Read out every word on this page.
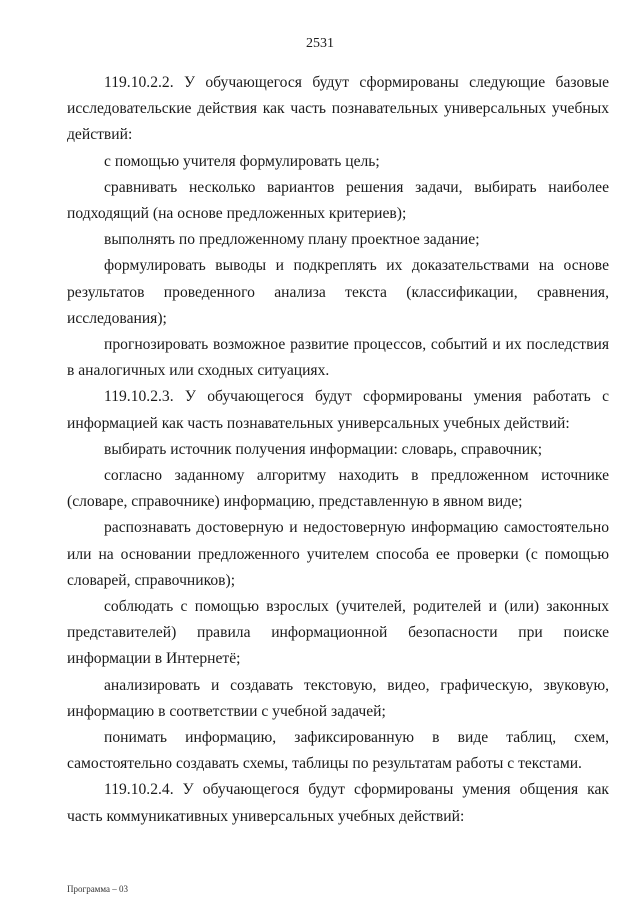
2531

119.10.2.2. У обучающегося будут сформированы следующие базовые исследовательские действия как часть познавательных универсальных учебных действий:

с помощью учителя формулировать цель;

сравнивать несколько вариантов решения задачи, выбирать наиболее подходящий (на основе предложенных критериев);

выполнять по предложенному плану проектное задание;

формулировать выводы и подкреплять их доказательствами на основе результатов проведенного анализа текста (классификации, сравнения, исследования);

прогнозировать возможное развитие процессов, событий и их последствия в аналогичных или сходных ситуациях.

119.10.2.3. У обучающегося будут сформированы умения работать с информацией как часть познавательных универсальных учебных действий:

выбирать источник получения информации: словарь, справочник;

согласно заданному алгоритму находить в предложенном источнике (словаре, справочнике) информацию, представленную в явном виде;

распознавать достоверную и недостоверную информацию самостоятельно или на основании предложенного учителем способа ее проверки (с помощью словарей, справочников);

соблюдать с помощью взрослых (учителей, родителей и (или) законных представителей) правила информационной безопасности при поиске информации в Интернетё;

анализировать и создавать текстовую, видео, графическую, звуковую, информацию в соответствии с учебной задачей;

понимать информацию, зафиксированную в виде таблиц, схем, самостоятельно создавать схемы, таблицы по результатам работы с текстами.

119.10.2.4. У обучающегося будут сформированы умения общения как часть коммуникативных универсальных учебных действий:

Программа – 03
